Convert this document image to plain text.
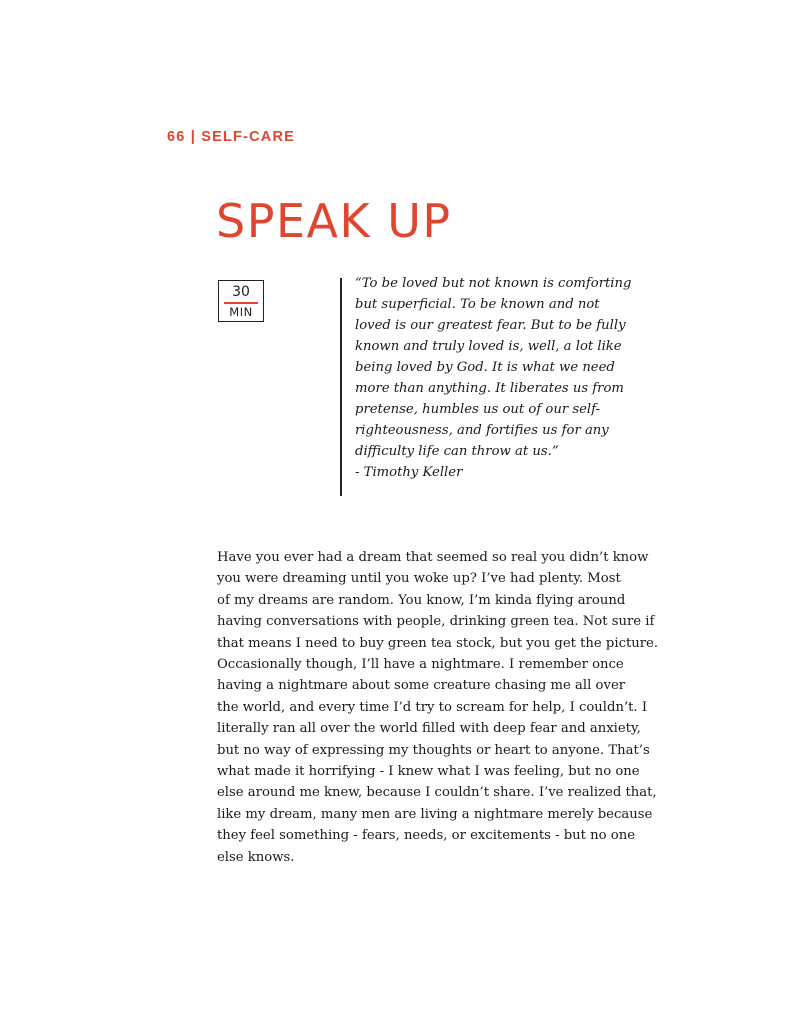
66 | SELF-CARE
SPEAK UP
30
MIN
“To be loved but not known is comforting
but superficial. To be known and not
loved is our greatest fear. But to be fully
known and truly loved is, well, a lot like
being loved by God. It is what we need
more than anything. It liberates us from
pretense, humbles us out of our self-
righteousness, and fortifies us for any
difficulty life can throw at us.”
- Timothy Keller
Have you ever had a dream that seemed so real you didn’t know
you were dreaming until you woke up? I’ve had plenty. Most
of my dreams are random. You know, I’m kinda flying around
having conversations with people, drinking green tea. Not sure if
that means I need to buy green tea stock, but you get the picture.
Occasionally though, I’ll have a nightmare. I remember once
having a nightmare about some creature chasing me all over
the world, and every time I’d try to scream for help, I couldn’t. I
literally ran all over the world filled with deep fear and anxiety,
but no way of expressing my thoughts or heart to anyone. That’s
what made it horrifying - I knew what I was feeling, but no one
else around me knew, because I couldn’t share. I’ve realized that,
like my dream, many men are living a nightmare merely because
they feel something - fears, needs, or excitements - but no one
else knows.
